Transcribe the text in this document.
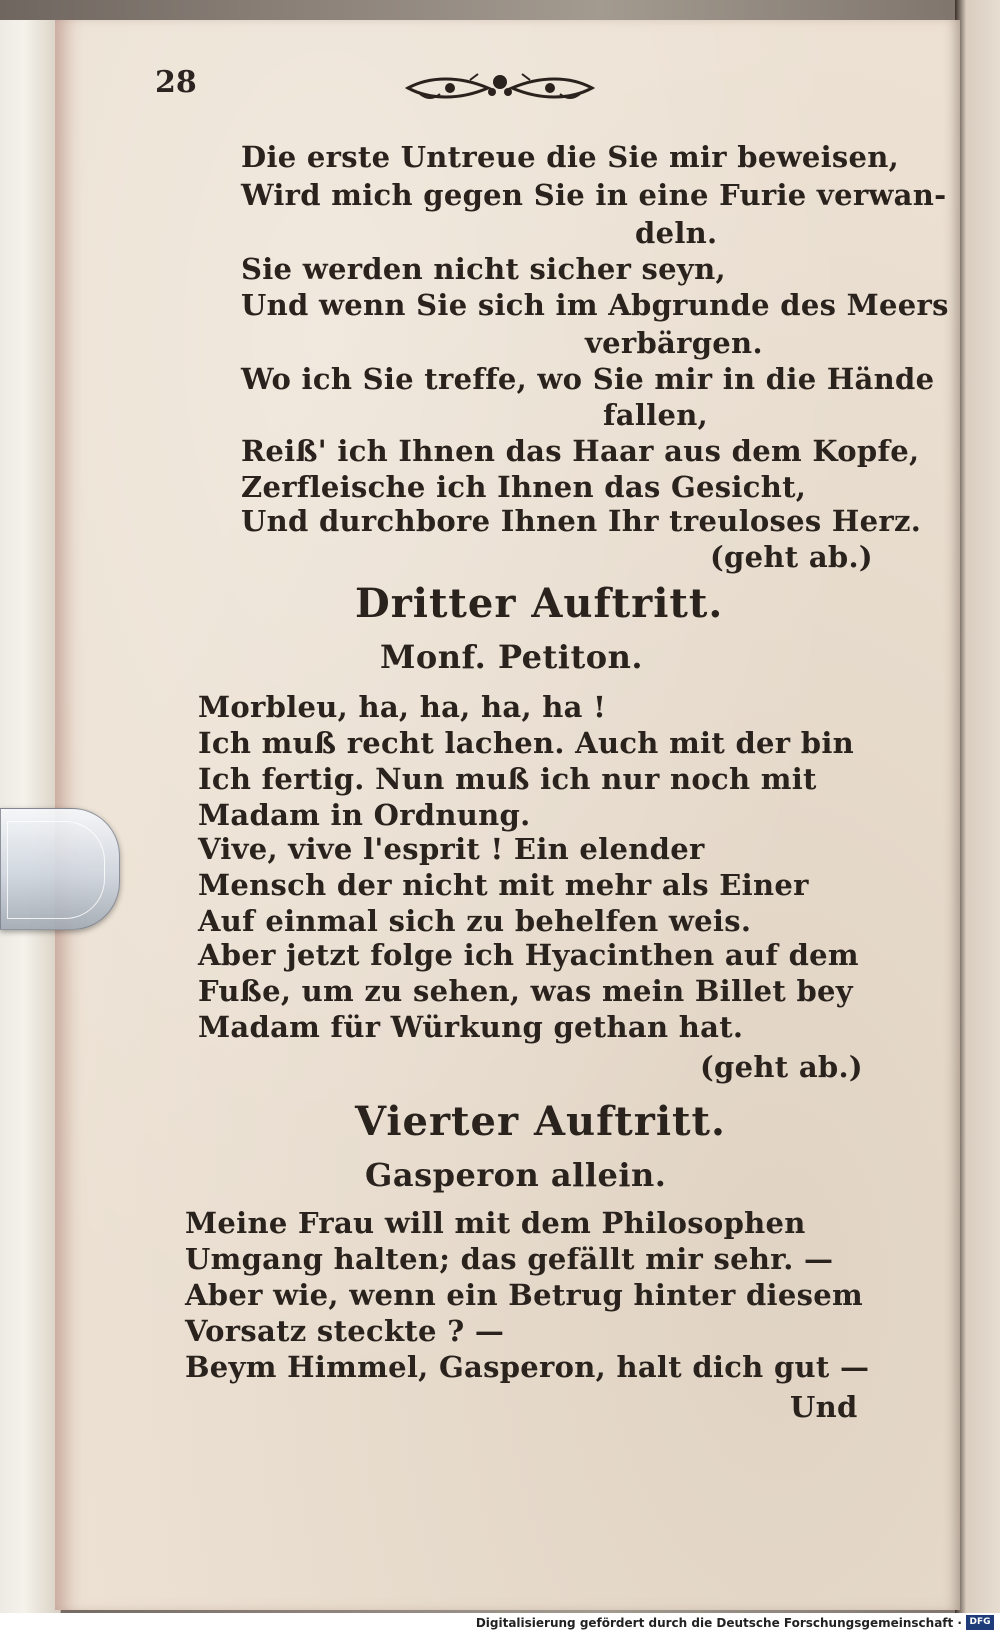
28
Die erste Untreue die Sie mir beweisen,
Wird mich gegen Sie in eine Furie verwan-
deln.
Sie werden nicht sicher seyn,
Und wenn Sie sich im Abgrunde des Meers
verbärgen.
Wo ich Sie treffe, wo Sie mir in die Hände
fallen,
Reiß' ich Ihnen das Haar aus dem Kopfe,
Zerfleische ich Ihnen das Gesicht,
Und durchbore Ihnen Ihr treuloses Herz.
(geht ab.)
Dritter Auftritt.
Monf. Petiton.
Morbleu, ha, ha, ha, ha !
Ich muß recht lachen. Auch mit der bin
Ich fertig. Nun muß ich nur noch mit
Madam in Ordnung.
Vive, vive l'esprit ! Ein elender
Mensch der nicht mit mehr als Einer
Auf einmal sich zu behelfen weis.
Aber jetzt folge ich Hyacinthen auf dem
Fuße, um zu sehen, was mein Billet bey
Madam für Würkung gethan hat.
(geht ab.)
Vierter Auftritt.
Gasperon allein.
Meine Frau will mit dem Philosophen
Umgang halten; das gefällt mir sehr. —
Aber wie, wenn ein Betrug hinter diesem
Vorsatz steckte ? —
Beym Himmel, Gasperon, halt dich gut —
Und
Digitalisierung gefördert durch die Deutsche Forschungsgemeinschaft · DFG
